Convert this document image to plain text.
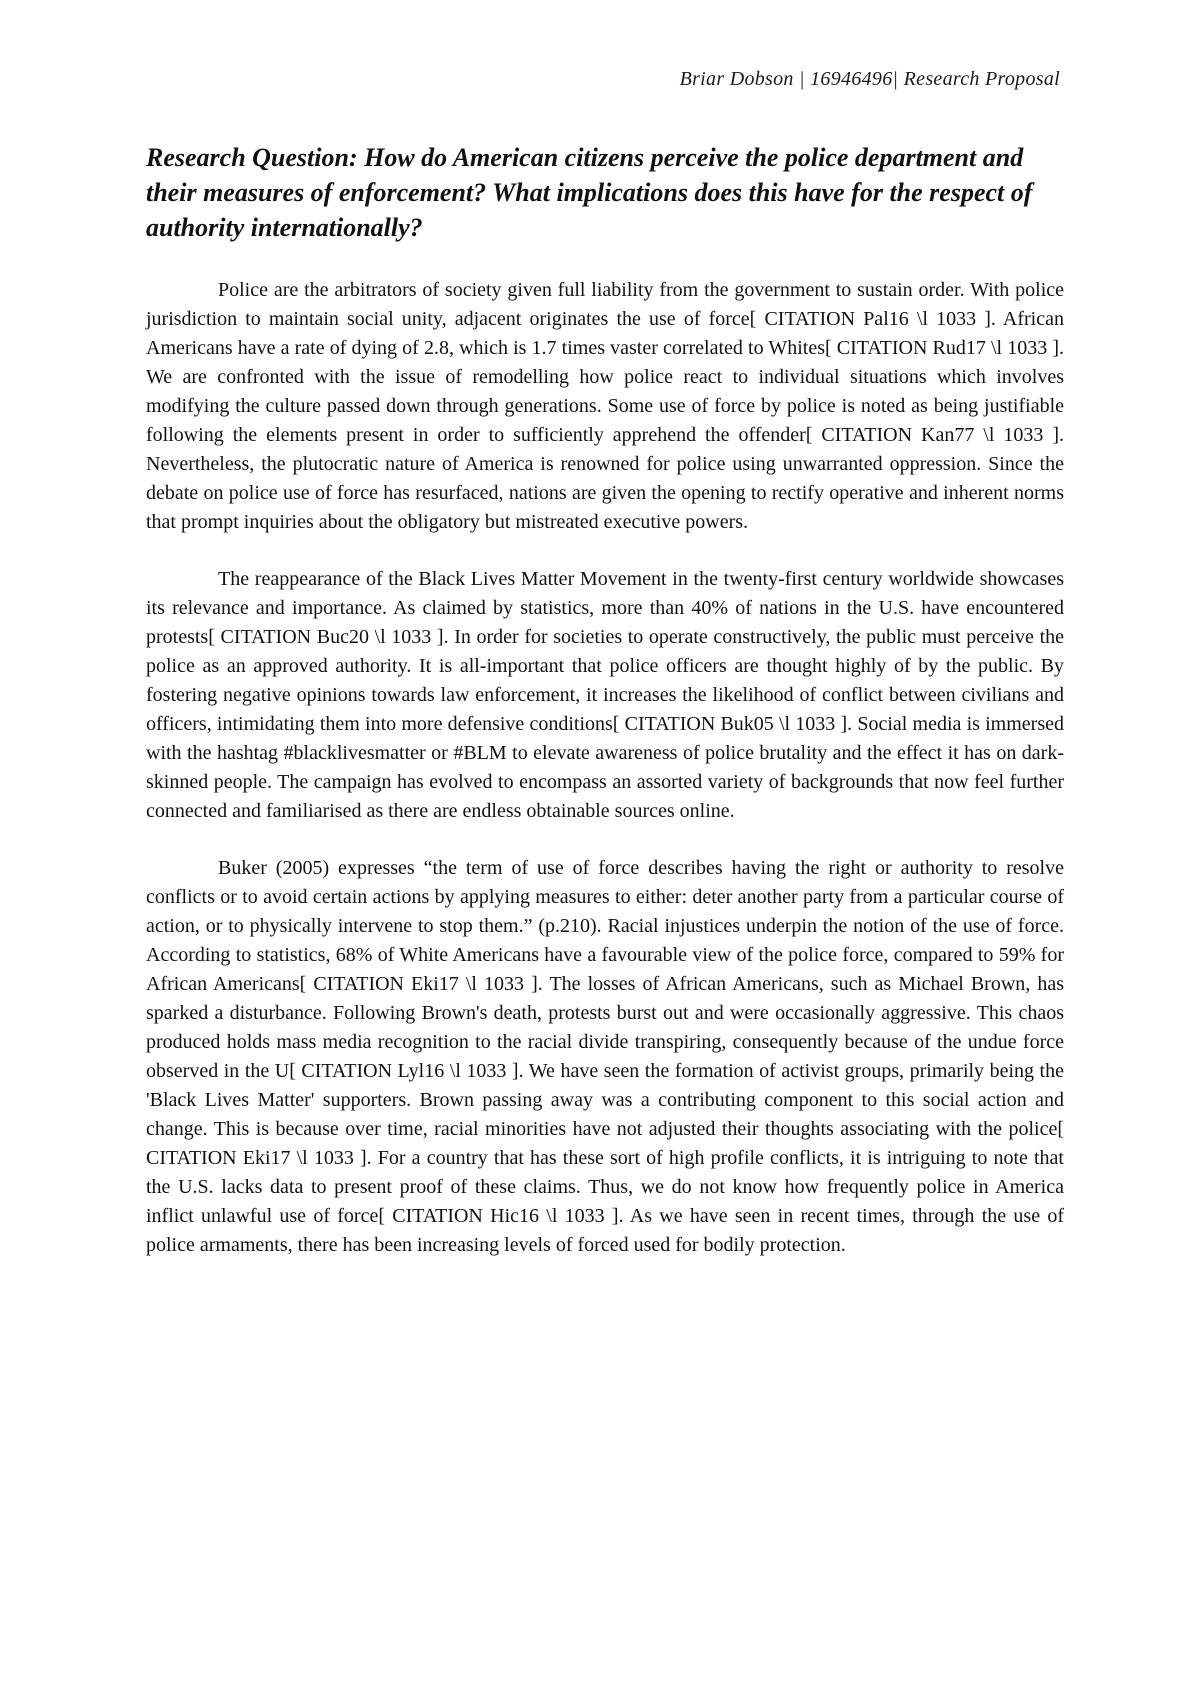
Briar Dobson | 16946496| Research Proposal
Research Question: How do American citizens perceive the police department and their measures of enforcement? What implications does this have for the respect of authority internationally?

Police are the arbitrators of society given full liability from the government to sustain order. With police jurisdiction to maintain social unity, adjacent originates the use of force[ CITATION Pal16 \l 1033 ]. African Americans have a rate of dying of 2.8, which is 1.7 times vaster correlated to Whites[ CITATION Rud17 \l 1033 ]. We are confronted with the issue of remodelling how police react to individual situations which involves modifying the culture passed down through generations. Some use of force by police is noted as being justifiable following the elements present in order to sufficiently apprehend the offender[ CITATION Kan77 \l 1033 ]. Nevertheless, the plutocratic nature of America is renowned for police using unwarranted oppression. Since the debate on police use of force has resurfaced, nations are given the opening to rectify operative and inherent norms that prompt inquiries about the obligatory but mistreated executive powers.

The reappearance of the Black Lives Matter Movement in the twenty-first century worldwide showcases its relevance and importance. As claimed by statistics, more than 40% of nations in the U.S. have encountered protests[ CITATION Buc20 \l 1033 ]. In order for societies to operate constructively, the public must perceive the police as an approved authority. It is all-important that police officers are thought highly of by the public. By fostering negative opinions towards law enforcement, it increases the likelihood of conflict between civilians and officers, intimidating them into more defensive conditions[ CITATION Buk05 \l 1033 ]. Social media is immersed with the hashtag #blacklivesmatter or #BLM to elevate awareness of police brutality and the effect it has on dark-skinned people. The campaign has evolved to encompass an assorted variety of backgrounds that now feel further connected and familiarised as there are endless obtainable sources online.

Buker (2005) expresses “the term of use of force describes having the right or authority to resolve conflicts or to avoid certain actions by applying measures to either: deter another party from a particular course of action, or to physically intervene to stop them.” (p.210). Racial injustices underpin the notion of the use of force. According to statistics, 68% of White Americans have a favourable view of the police force, compared to 59% for African Americans[ CITATION Eki17 \l 1033 ]. The losses of African Americans, such as Michael Brown, has sparked a disturbance. Following Brown's death, protests burst out and were occasionally aggressive. This chaos produced holds mass media recognition to the racial divide transpiring, consequently because of the undue force observed in the U[ CITATION Lyl16 \l 1033 ]. We have seen the formation of activist groups, primarily being the 'Black Lives Matter' supporters. Brown passing away was a contributing component to this social action and change. This is because over time, racial minorities have not adjusted their thoughts associating with the police[ CITATION Eki17 \l 1033 ]. For a country that has these sort of high profile conflicts, it is intriguing to note that the U.S. lacks data to present proof of these claims. Thus, we do not know how frequently police in America inflict unlawful use of force[ CITATION Hic16 \l 1033 ]. As we have seen in recent times, through the use of police armaments, there has been increasing levels of forced used for bodily protection.
